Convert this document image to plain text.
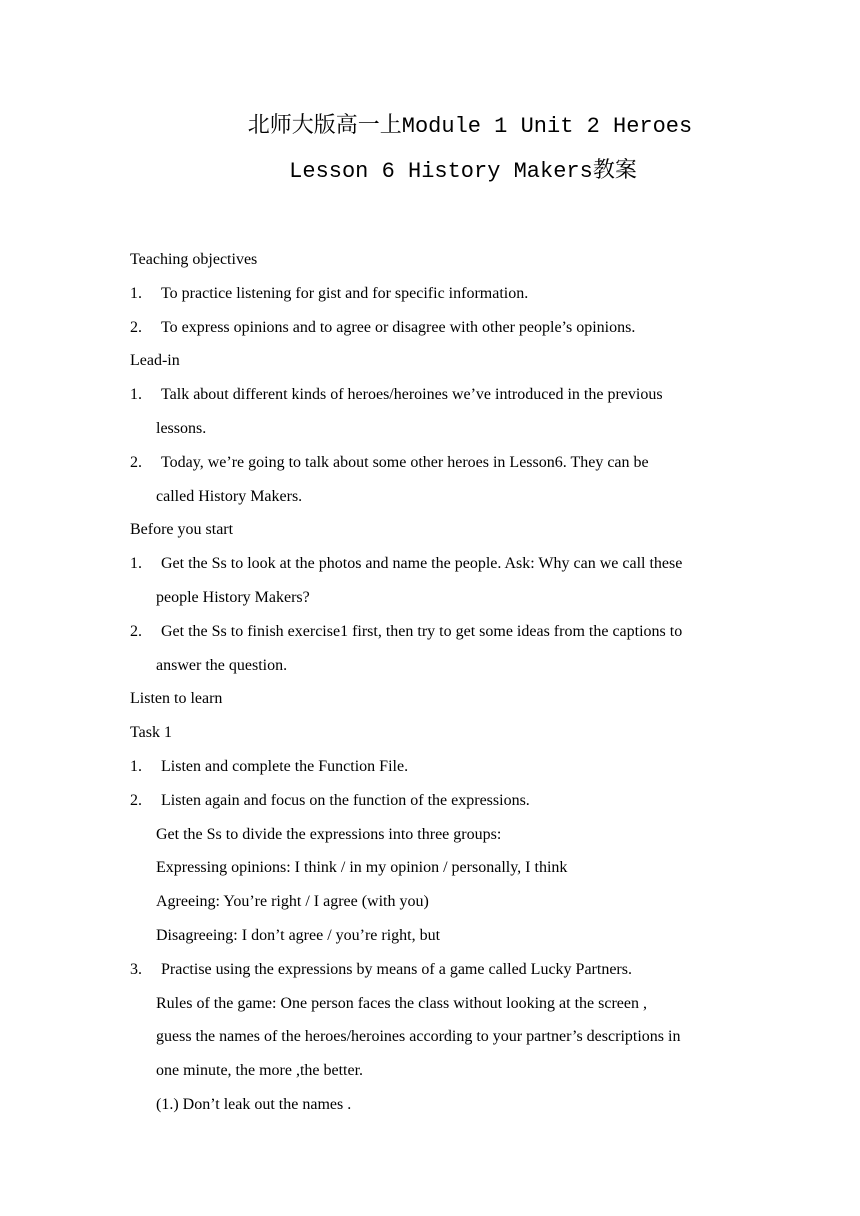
北师大版高一上Module 1 Unit 2 Heroes
Lesson 6 History Makers教案
Teaching objectives
1. To practice listening for gist and for specific information.
2. To express opinions and to agree or disagree with other people’s opinions.
Lead-in
1. Talk about different kinds of heroes/heroines we’ve introduced in the previous
lessons.
2. Today, we’re going to talk about some other heroes in Lesson6. They can be
called History Makers.
Before you start
1. Get the Ss to look at the photos and name the people. Ask: Why can we call these
people History Makers?
2. Get the Ss to finish exercise1 first, then try to get some ideas from the captions to
answer the question.
Listen to learn
Task 1
1. Listen and complete the Function File.
2. Listen again and focus on the function of the expressions.
Get the Ss to divide the expressions into three groups:
Expressing opinions: I think / in my opinion / personally, I think
Agreeing: You’re right / I agree (with you)
Disagreeing: I don’t agree / you’re right, but
3. Practise using the expressions by means of a game called Lucky Partners.
Rules of the game: One person faces the class without looking at the screen ,
guess the names of the heroes/heroines according to your partner’s descriptions in
one minute, the more ,the better.
(1.) Don’t leak out the names .
